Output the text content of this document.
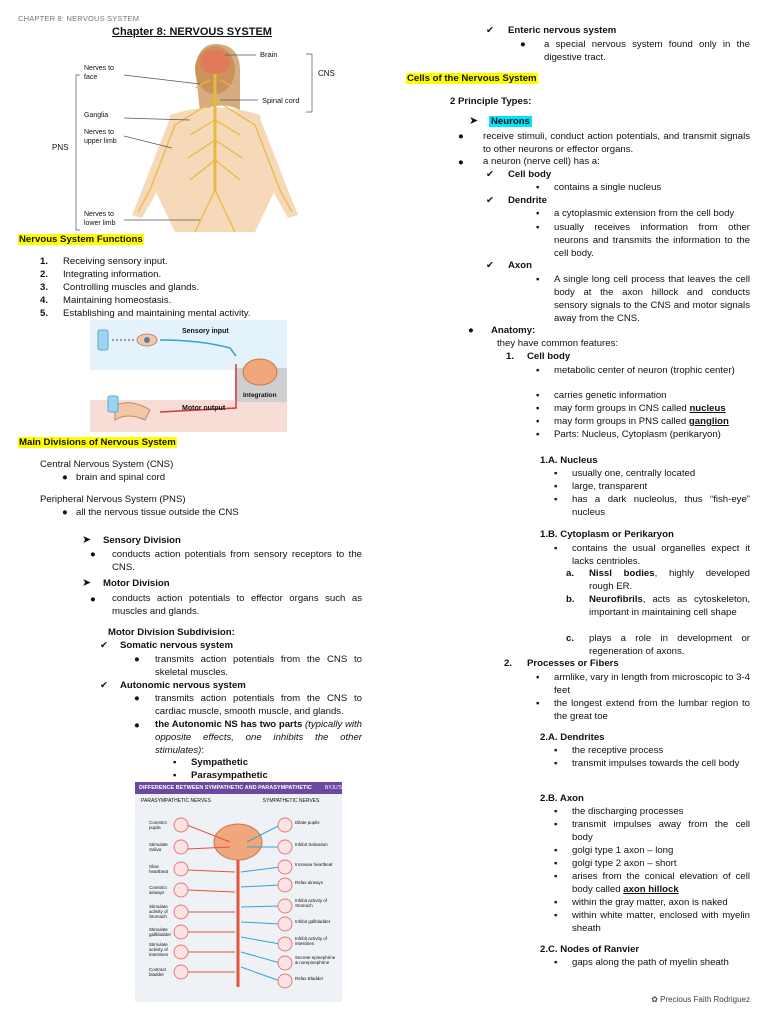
CHAPTER 8: NERVOUS SYSTEM
Chapter 8: NERVOUS SYSTEM
Brain
CNS
Nerves to face
Spinal cord
Ganglia
Nerves to upper limb
PNS
Nerves to lower limb
Nervous System Functions
1. Receiving sensory input.
2. Integrating information.
3. Controlling muscles and glands.
4. Maintaining homeostasis.
5. Establishing and maintaining mental activity.
Sensory input
Integration
Motor output
Main Divisions of Nervous System
Central Nervous System (CNS)
● brain and spinal cord
Peripheral Nervous System (PNS)
● all the nervous tissue outside the CNS
➤ Sensory Division
● conducts action potentials from sensory receptors to the CNS.
➤ Motor Division
● conducts action potentials to effector organs such as muscles and glands.
Motor Division Subdivision:
✔ Somatic nervous system
● transmits action potentials from the CNS to skeletal muscles.
✔ Autonomic nervous system
● transmits action potentials from the CNS to cardiac muscle, smooth muscle, and glands.
● the Autonomic NS has two parts (typically with opposite effects, one inhibits the other stimulates):
▪ Sympathetic
▪ Parasympathetic
DIFFERENCE BETWEEN SYMPATHETIC AND PARASYMPATHETIC	BYJU'S
PARASYMPATHETIC NERVES	SYMPATHETIC NERVES
Constrict pupils
Stimulate Saliva
Slow heartbeat
Constrict airways
Stimulate activity of Stomach
Stimulate gallbladder
Stimulate activity of intestines
Contract bladder
Dilate pupils
Inhibit Salivation
Increase heartbeat
Relax airways
Inhibit activity of Stomach
Inhibit gallbladder
Inhibit activity of intestines
Secrete epinephrine & norepinephrine
Relax Bladder
✔ Enteric nervous system
● a special nervous system found only in the digestive tract.
Cells of the Nervous System
2 Principle Types:
➤ Neurons
● receive stimuli, conduct action potentials, and transmit signals to other neurons or effector organs.
● a neuron (nerve cell) has a:
✔ Cell body
▪ contains a single nucleus
✔ Dendrite
▪ a cytoplasmic extension from the cell body
▪ usually receives information from other neurons and transmits the information to the cell body.
✔ Axon
▪ A single long cell process that leaves the cell body at the axon hillock and conducts sensory signals to the CNS and motor signals away from the CNS.
● Anatomy:
they have common features:
1. Cell body
▪ metabolic center of neuron (trophic center)
▪ carries genetic information
▪ may form groups in CNS called nucleus
▪ may form groups in PNS called ganglion
▪ Parts: Nucleus, Cytoplasm (perikaryon)
1.A. Nucleus
▪ usually one, centrally located
▪ large, transparent
▪ has a dark nucleolus, thus “fish-eye” nucleus
1.B. Cytoplasm or Perikaryon
▪ contains the usual organelles expect it lacks centrioles.
a. Nissl bodies, highly developed rough ER.
b. Neurofibrils, acts as cytoskeleton, important in maintaining cell shape
c. plays a role in development or regeneration of axons.
2. Processes or Fibers
▪ armlike, vary in length from microscopic to 3-4 feet
▪ the longest extend from the lumbar region to the great toe
2.A. Dendrites
▪ the receptive process
▪ transmit impulses towards the cell body
2.B. Axon
▪ the discharging processes
▪ transmit impulses away from the cell body
▪ golgi type 1 axon – long
▪ golgi type 2 axon – short
▪ arises from the conical elevation of cell body called axon hillock
▪ within the gray matter, axon is naked
▪ within white matter, enclosed with myelin sheath
2.C. Nodes of Ranvier
▪ gaps along the path of myelin sheath
✿ Precious Faith Rodriguez
